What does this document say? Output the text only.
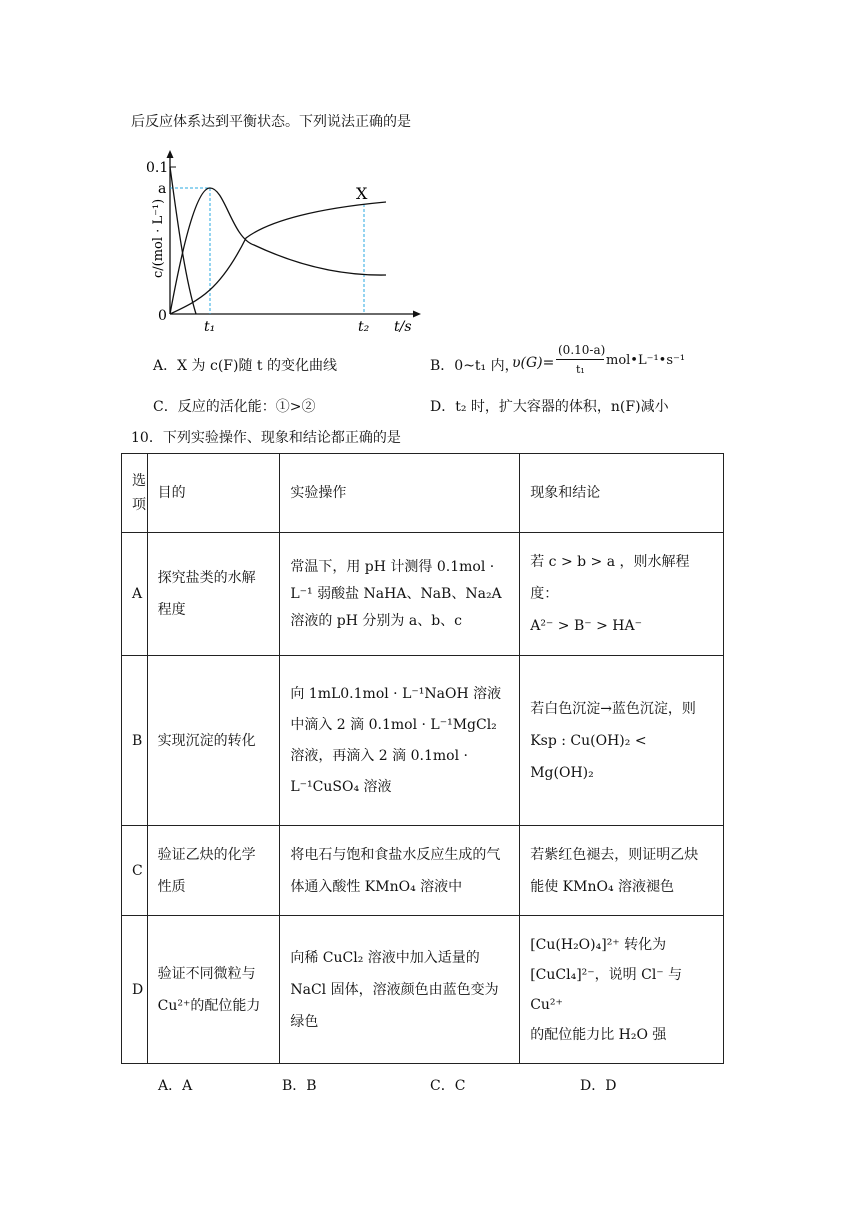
后反应体系达到平衡状态。下列说法正确的是
0.1
a
0
t₁	t₂ t/s
X
c/(mol · L⁻¹)
A．X 为 c(F)随 t 的变化曲线	B．0~t₁ 内，
υ(G)=
(0.10-a)
t₁
mol•L⁻¹•s⁻¹
C．反应的活化能：①>②	D．t₂ 时，扩大容器的体积，n(F)减小
10．下列实验操作、现象和结论都正确的是
选项	目的	实验操作	现象和结论
A	探究盐类的水解程度	常温下，用 pH 计测得 0.1mol · L⁻¹ 弱酸盐 NaHA、NaB、Na₂A 溶液的 pH 分别为 a、b、c	若 c > b > a ，则水解程度：
A²⁻ > B⁻ > HA⁻

B	实现沉淀的转化	向 1mL0.1mol · L⁻¹NaOH 溶液中滴入 2 滴 0.1mol · L⁻¹MgCl₂ 溶液，再滴入 2 滴 0.1mol · L⁻¹CuSO₄ 溶液	若白色沉淀→蓝色沉淀，则
Ksp : Cu(OH)₂ < Mg(OH)₂

C	验证乙炔的化学性质	将电石与饱和食盐水反应生成的气体通入酸性 KMnO₄ 溶液中	若紫红色褪去，则证明乙炔
能使 KMnO₄ 溶液褪色

D	验证不同微粒与 Cu²⁺的配位能力	向稀 CuCl₂ 溶液中加入适量的 NaCl 固体，溶液颜色由蓝色变为绿色	[Cu(H₂O)₄]²⁺ 转化为
[CuCl₄]²⁻，说明 Cl⁻ 与 Cu²⁺
的配位能力比 H₂O 强
A．A	B．B	C．C	D．D
